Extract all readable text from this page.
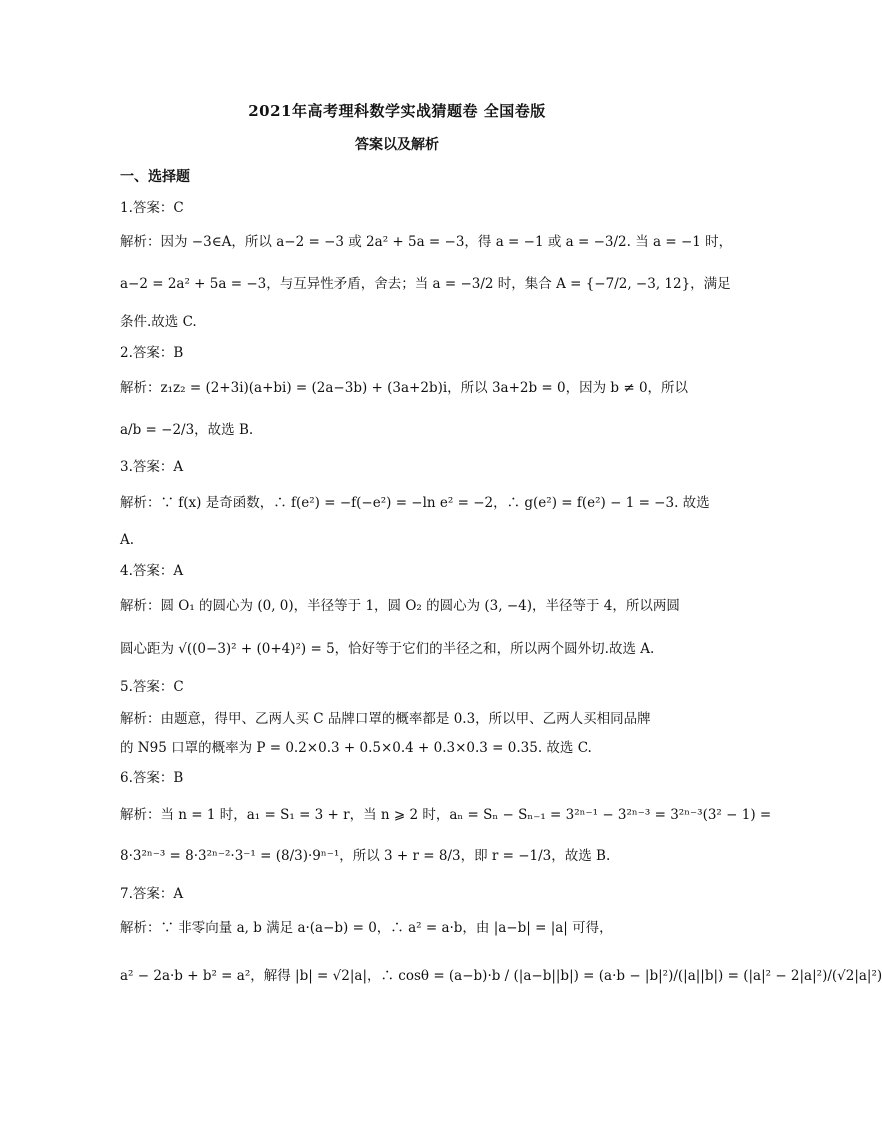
2021年高考理科数学实战猜题卷 全国卷版
答案以及解析
一、选择题
1.答案：C
解析：因为 −3∈A，所以 a−2 = −3 或 2a² + 5a = −3，得 a = −1 或 a = −3/2. 当 a = −1 时，
a−2 = 2a² + 5a = −3，与互异性矛盾，舍去；当 a = −3/2 时，集合 A = {−7/2, −3, 12}，满足
条件.故选 C.
2.答案：B
解析：z₁z₂ = (2+3i)(a+bi) = (2a−3b) + (3a+2b)i，所以 3a+2b = 0，因为 b ≠ 0，所以
a/b = −2/3，故选 B.
3.答案：A
解析：∵ f(x) 是奇函数，∴ f(e²) = −f(−e²) = −ln e² = −2，∴ g(e²) = f(e²) − 1 = −3. 故选
A.
4.答案：A
解析：圆 O₁ 的圆心为 (0, 0)，半径等于 1，圆 O₂ 的圆心为 (3, −4)，半径等于 4，所以两圆
圆心距为 √((0−3)² + (0+4)²) = 5，恰好等于它们的半径之和，所以两个圆外切.故选 A.
5.答案：C
解析：由题意，得甲、乙两人买 C 品牌口罩的概率都是 0.3，所以甲、乙两人买相同品牌
的 N95 口罩的概率为 P = 0.2×0.3 + 0.5×0.4 + 0.3×0.3 = 0.35. 故选 C.
6.答案：B
解析：当 n = 1 时，a₁ = S₁ = 3 + r，当 n ⩾ 2 时，aₙ = Sₙ − Sₙ₋₁ = 3²ⁿ⁻¹ − 3²ⁿ⁻³ = 3²ⁿ⁻³(3² − 1) =
8·3²ⁿ⁻³ = 8·3²ⁿ⁻²·3⁻¹ = (8/3)·9ⁿ⁻¹，所以 3 + r = 8/3，即 r = −1/3，故选 B.
7.答案：A
解析：∵ 非零向量 a, b 满足 a·(a−b) = 0，∴ a² = a·b，由 |a−b| = |a| 可得，
a² − 2a·b + b² = a²，解得 |b| = √2|a|，∴ cosθ = (a−b)·b / (|a−b||b|) = (a·b − |b|²)/(|a||b|) = (|a|² − 2|a|²)/(√2|a|²)
